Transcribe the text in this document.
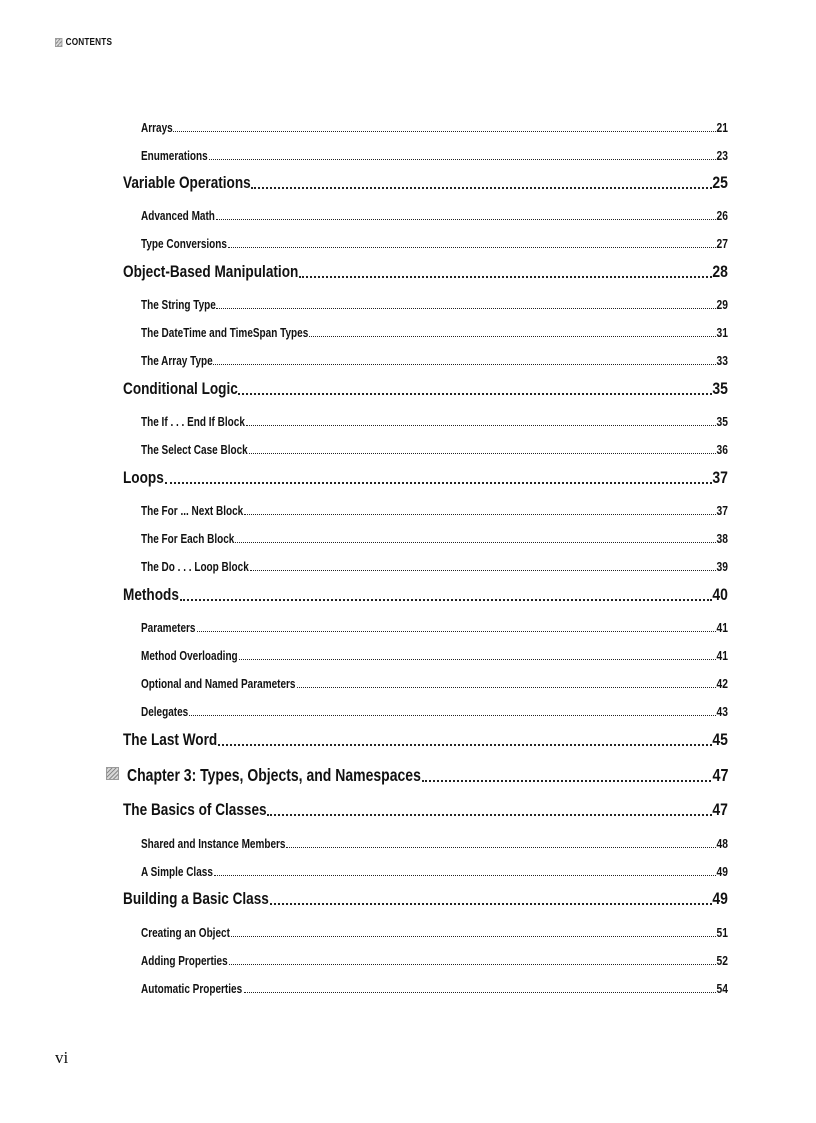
CONTENTS
Arrays	21
Enumerations	23
Variable Operations	25
Advanced Math	26
Type Conversions	27
Object-Based Manipulation	28
The String Type	29
The DateTime and TimeSpan Types	31
The Array Type	33
Conditional Logic	35
The If . . . End If Block	35
The Select Case Block	36
Loops	37
The For ... Next Block	37
The For Each Block	38
The Do . . . Loop Block	39
Methods	40
Parameters	41
Method Overloading	41
Optional and Named Parameters	42
Delegates	43
The Last Word	45
Chapter 3: Types, Objects, and Namespaces	47
The Basics of Classes	47
Shared and Instance Members	48
A Simple Class	49
Building a Basic Class	49
Creating an Object	51
Adding Properties	52
Automatic Properties	54
vi
